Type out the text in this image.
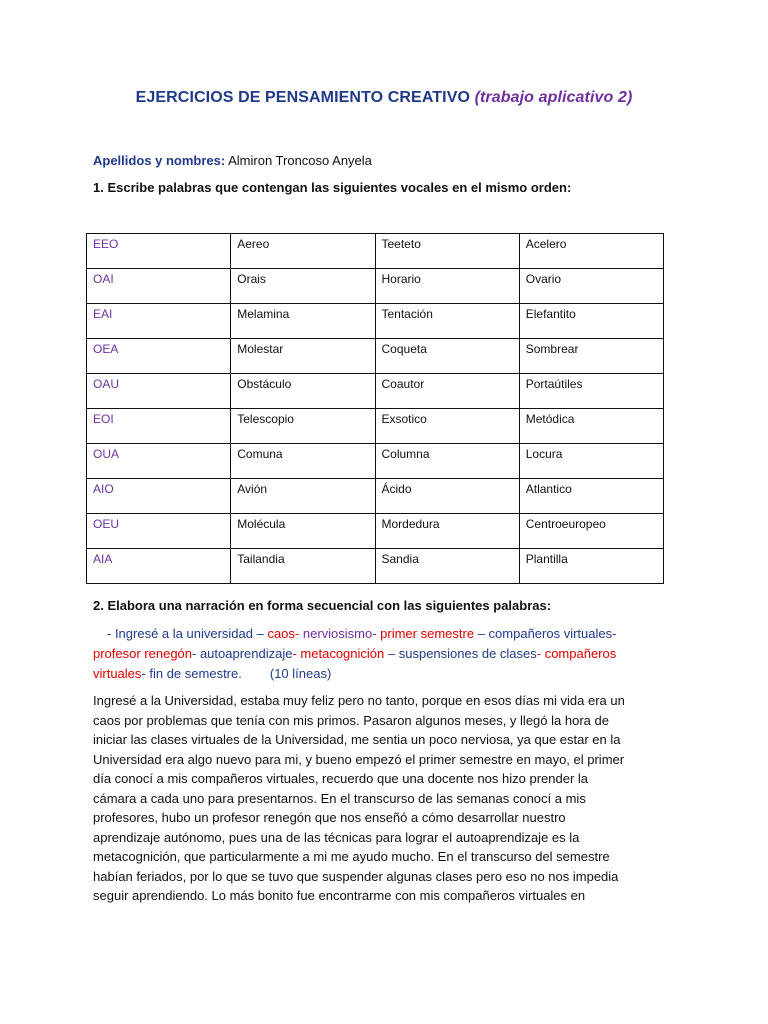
EJERCICIOS DE PENSAMIENTO CREATIVO (trabajo aplicativo 2)
Apellidos y nombres: Almiron Troncoso Anyela
1. Escribe palabras que contengan las siguientes vocales en el mismo orden:
EEO	Aereo	Teeteto	Acelero
OAI	Orais	Horario	Ovario
EAI	Melamina	Tentación	Elefantito
OEA	Molestar	Coqueta	Sombrear
OAU	Obstáculo	Coautor	Portaútiles
EOI	Telescopio	Exsotico	Metódica
OUA	Comuna	Columna	Locura
AIO	Avión	Ácido	Atlantico
OEU	Molécula	Mordedura	Centroeuropeo
AIA	Tailandia	Sandia	Plantilla
2. Elabora una narración en forma secuencial con las siguientes palabras:
- Ingresé a la universidad – caos- nerviosismo- primer semestre – compañeros virtuales-
profesor renegón- autoaprendizaje- metacognición – suspensiones de clases- compañeros
virtuales- fin de semestre. (10 líneas)
Ingresé a la Universidad, estaba muy feliz pero no tanto, porque en esos días mi vida era un
caos por problemas que tenía con mis primos. Pasaron algunos meses, y llegó la hora de
iniciar las clases virtuales de la Universidad, me sentia un poco nerviosa, ya que estar en la
Universidad era algo nuevo para mi, y bueno empezó el primer semestre en mayo, el primer
día conocí a mis compañeros virtuales, recuerdo que una docente nos hizo prender la
cámara a cada uno para presentarnos. En el transcurso de las semanas conocí a mis
profesores, hubo un profesor renegón que nos enseñó a cómo desarrollar nuestro
aprendizaje autónomo, pues una de las técnicas para lograr el autoaprendizaje es la
metacognición, que particularmente a mi me ayudo mucho. En el transcurso del semestre
habían feriados, por lo que se tuvo que suspender algunas clases pero eso no nos impedia
seguir aprendiendo. Lo más bonito fue encontrarme con mis compañeros virtuales en
